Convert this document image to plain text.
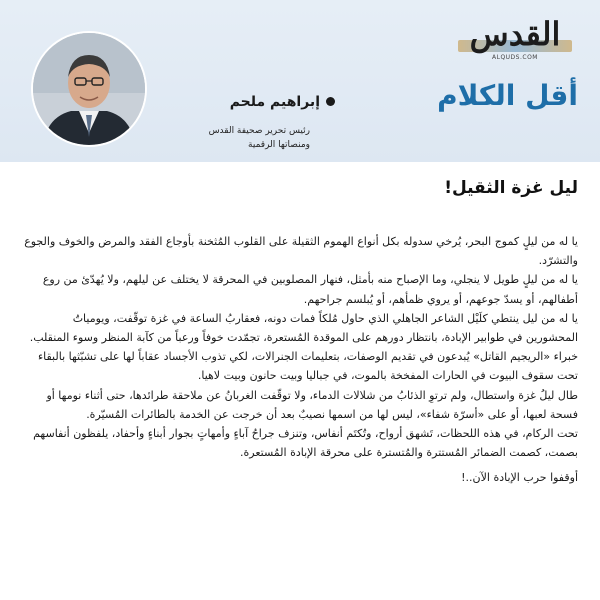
القدس
ALQUDS.COM
أقل الكلام
إبراهيم ملحم
رئيس تحرير صحيفة القدس
ومنصاتها الرقمية
ليل غزة الثقيل!

يا له من ليلٍ كموج البحر، يُرخي سدوله بكل أنواع الهموم الثقيلة على القلوب المُثخنة بأوجاع الفقد والمرض والخوف والجوع والتشرّد.

يا له من ليلٍ طويل لا ينجلي، وما الإصباح منه بأمثل، فنهار المصلوبين في المحرقة لا يختلف عن ليلهم، ولا يُهدّئ من روع أطفالهم، أو يسدّ جوعهم، أو يروي ظمأهم، أو يُبلسم جراحهم.

يا له من ليل ينتطي كلَيْل الشاعر الجاهلي الذي حاول مُلكاً فمات دونه، فعقاربُ الساعة في غزة توقّفت، ويومياتُ المحشورين في طوابير الإبادة، بانتظار دورهم على الموقدة المُستعرة، تجمّدت خوفاً ورعباً من كآبة المنظر وسوء المنقلب.

خبراء «الريجيم القاتل» يُبدعون في تقديم الوصفات، بتعليمات الجنرالات، لكي تذوب الأجساد عقاباً لها على تشبّثها بالبقاء تحت سقوف البيوت في الحارات المفخخة بالموت، في جباليا وبيت حانون وبيت لاهيا.

طال ليلُ غزة واستطال، ولم ترتوِ الذئابُ من شلالات الدماء، ولا توقّفت الغربانُ عن ملاحقة طرائدها، حتى أثناء نومها أو فسحة لعبها، أو على «أسرّة شفاء»، ليس لها من اسمها نصيبٌ بعد أن خرجت عن الخدمة بالطائرات المُسيّرة.

تحت الركام، في هذه اللحظات، تَشهق أرواح، وتُكتَم أنفاس، وتنزف جراحُ آباءٍ وأمهاتٍ بجوار أبناءٍ وأحفاد، يلفظون أنفاسهم بصمت، كصمت الضمائر المُستترة والمُتسترة على محرقة الإبادة المُستعرة.

أوقفوا حرب الإبادة الآن..!
